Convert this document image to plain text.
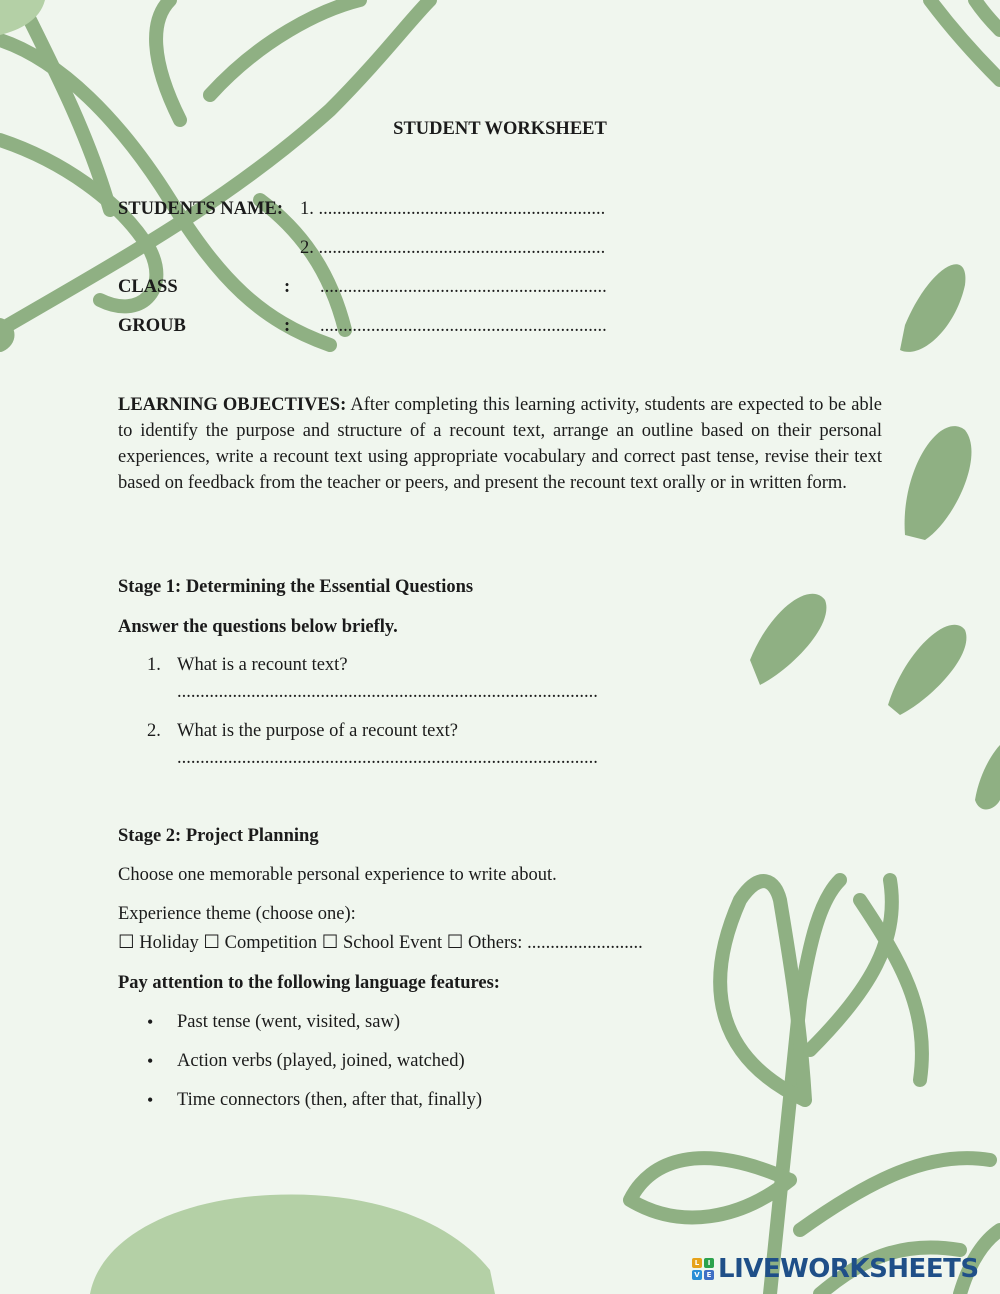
STUDENT WORKSHEET
STUDENTS NAME: 1. ..............................................................
2. ..............................................................
CLASS	: ..............................................................
GROUB	: ..............................................................
LEARNING OBJECTIVES: After completing this learning activity, students are expected to be able to identify the purpose and structure of a recount text, arrange an outline based on their personal experiences, write a recount text using appropriate vocabulary and correct past tense, revise their text based on feedback from the teacher or peers, and present the recount text orally or in written form.
Stage 1: Determining the Essential Questions
Answer the questions below briefly.
1. What is a recount text?
...........................................................................................
2. What is the purpose of a recount text?
...........................................................................................
Stage 2: Project Planning
Choose one memorable personal experience to write about.
Experience theme (choose one):
☐ Holiday ☐ Competition ☐ School Event ☐ Others: .........................
Pay attention to the following language features:
• Past tense (went, visited, saw)
• Action verbs (played, joined, watched)
• Time connectors (then, after that, finally)
L	I
V E LIVEWORKSHEETS
